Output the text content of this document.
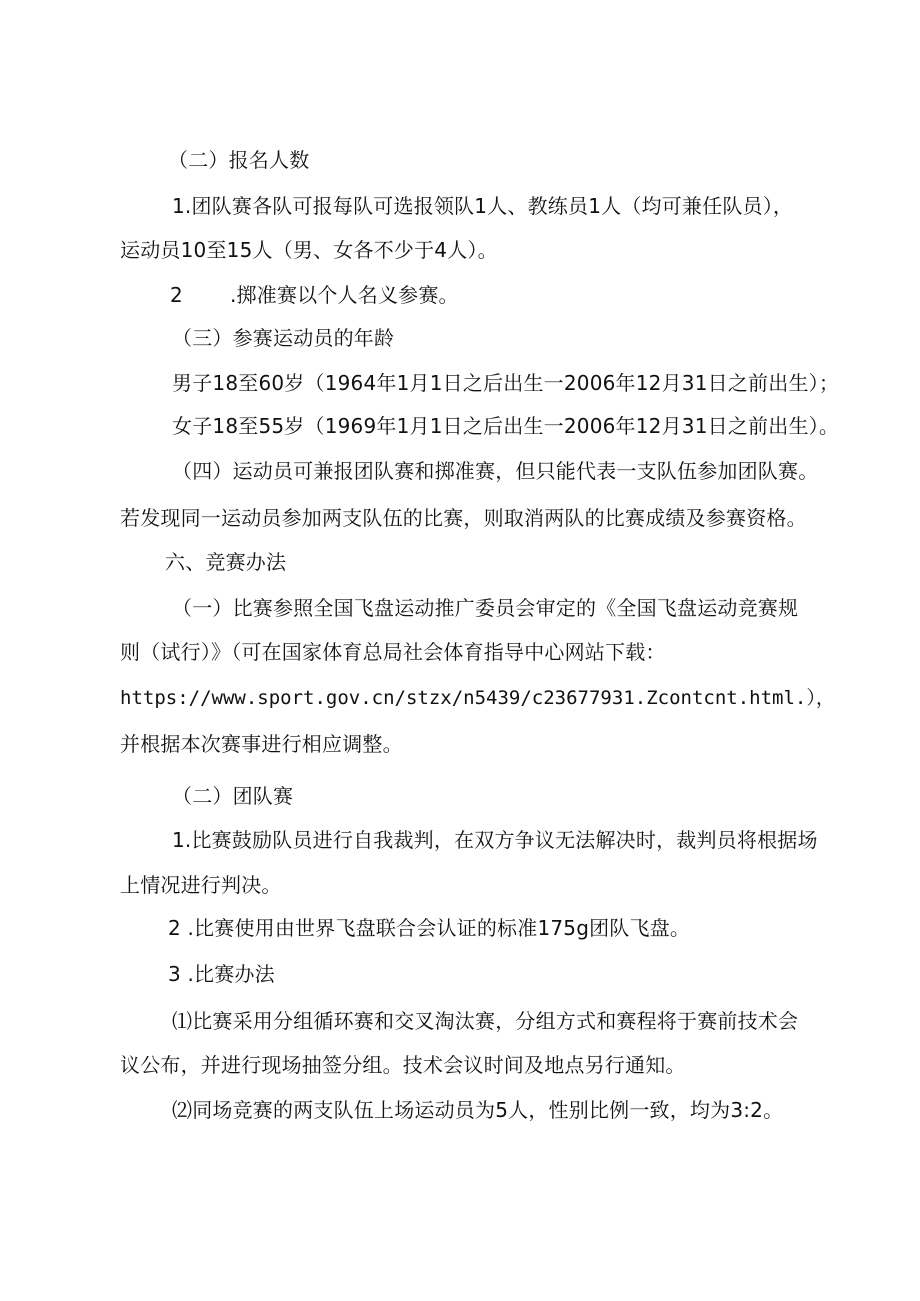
（二）报名人数
1.团队赛各队可报每队可选报领队1人、教练员1人（均可兼任队员），
运动员10至15人（男、女各不少于4人）。
2	.掷准赛以个人名义参赛。
（三）参赛运动员的年龄
男子18至60岁（1964年1月1日之后出生一2006年12月31日之前出生）；
女子18至55岁（1969年1月1日之后出生一2006年12月31日之前出生）。
（四）运动员可兼报团队赛和掷准赛，但只能代表一支队伍参加团队赛。
若发现同一运动员参加两支队伍的比赛，则取消两队的比赛成绩及参赛资格。
六、竞赛办法
（一）比赛参照全国飞盘运动推广委员会审定的《全国飞盘运动竞赛规
则（试行）》（可在国家体育总局社会体育指导中心网站下载：
https://www.sport.gov.cn/stzx/n5439/c23677931.Zcontcnt.html.），
并根据本次赛事进行相应调整。
（二）团队赛
1.比赛鼓励队员进行自我裁判，在双方争议无法解决时，裁判员将根据场
上情况进行判决。
2 .比赛使用由世界飞盘联合会认证的标准175g团队飞盘。
3 .比赛办法
⑴比赛采用分组循环赛和交叉淘汰赛，分组方式和赛程将于赛前技术会
议公布，并进行现场抽签分组。技术会议时间及地点另行通知。
⑵同场竞赛的两支队伍上场运动员为5人，性别比例一致，均为3:2。
